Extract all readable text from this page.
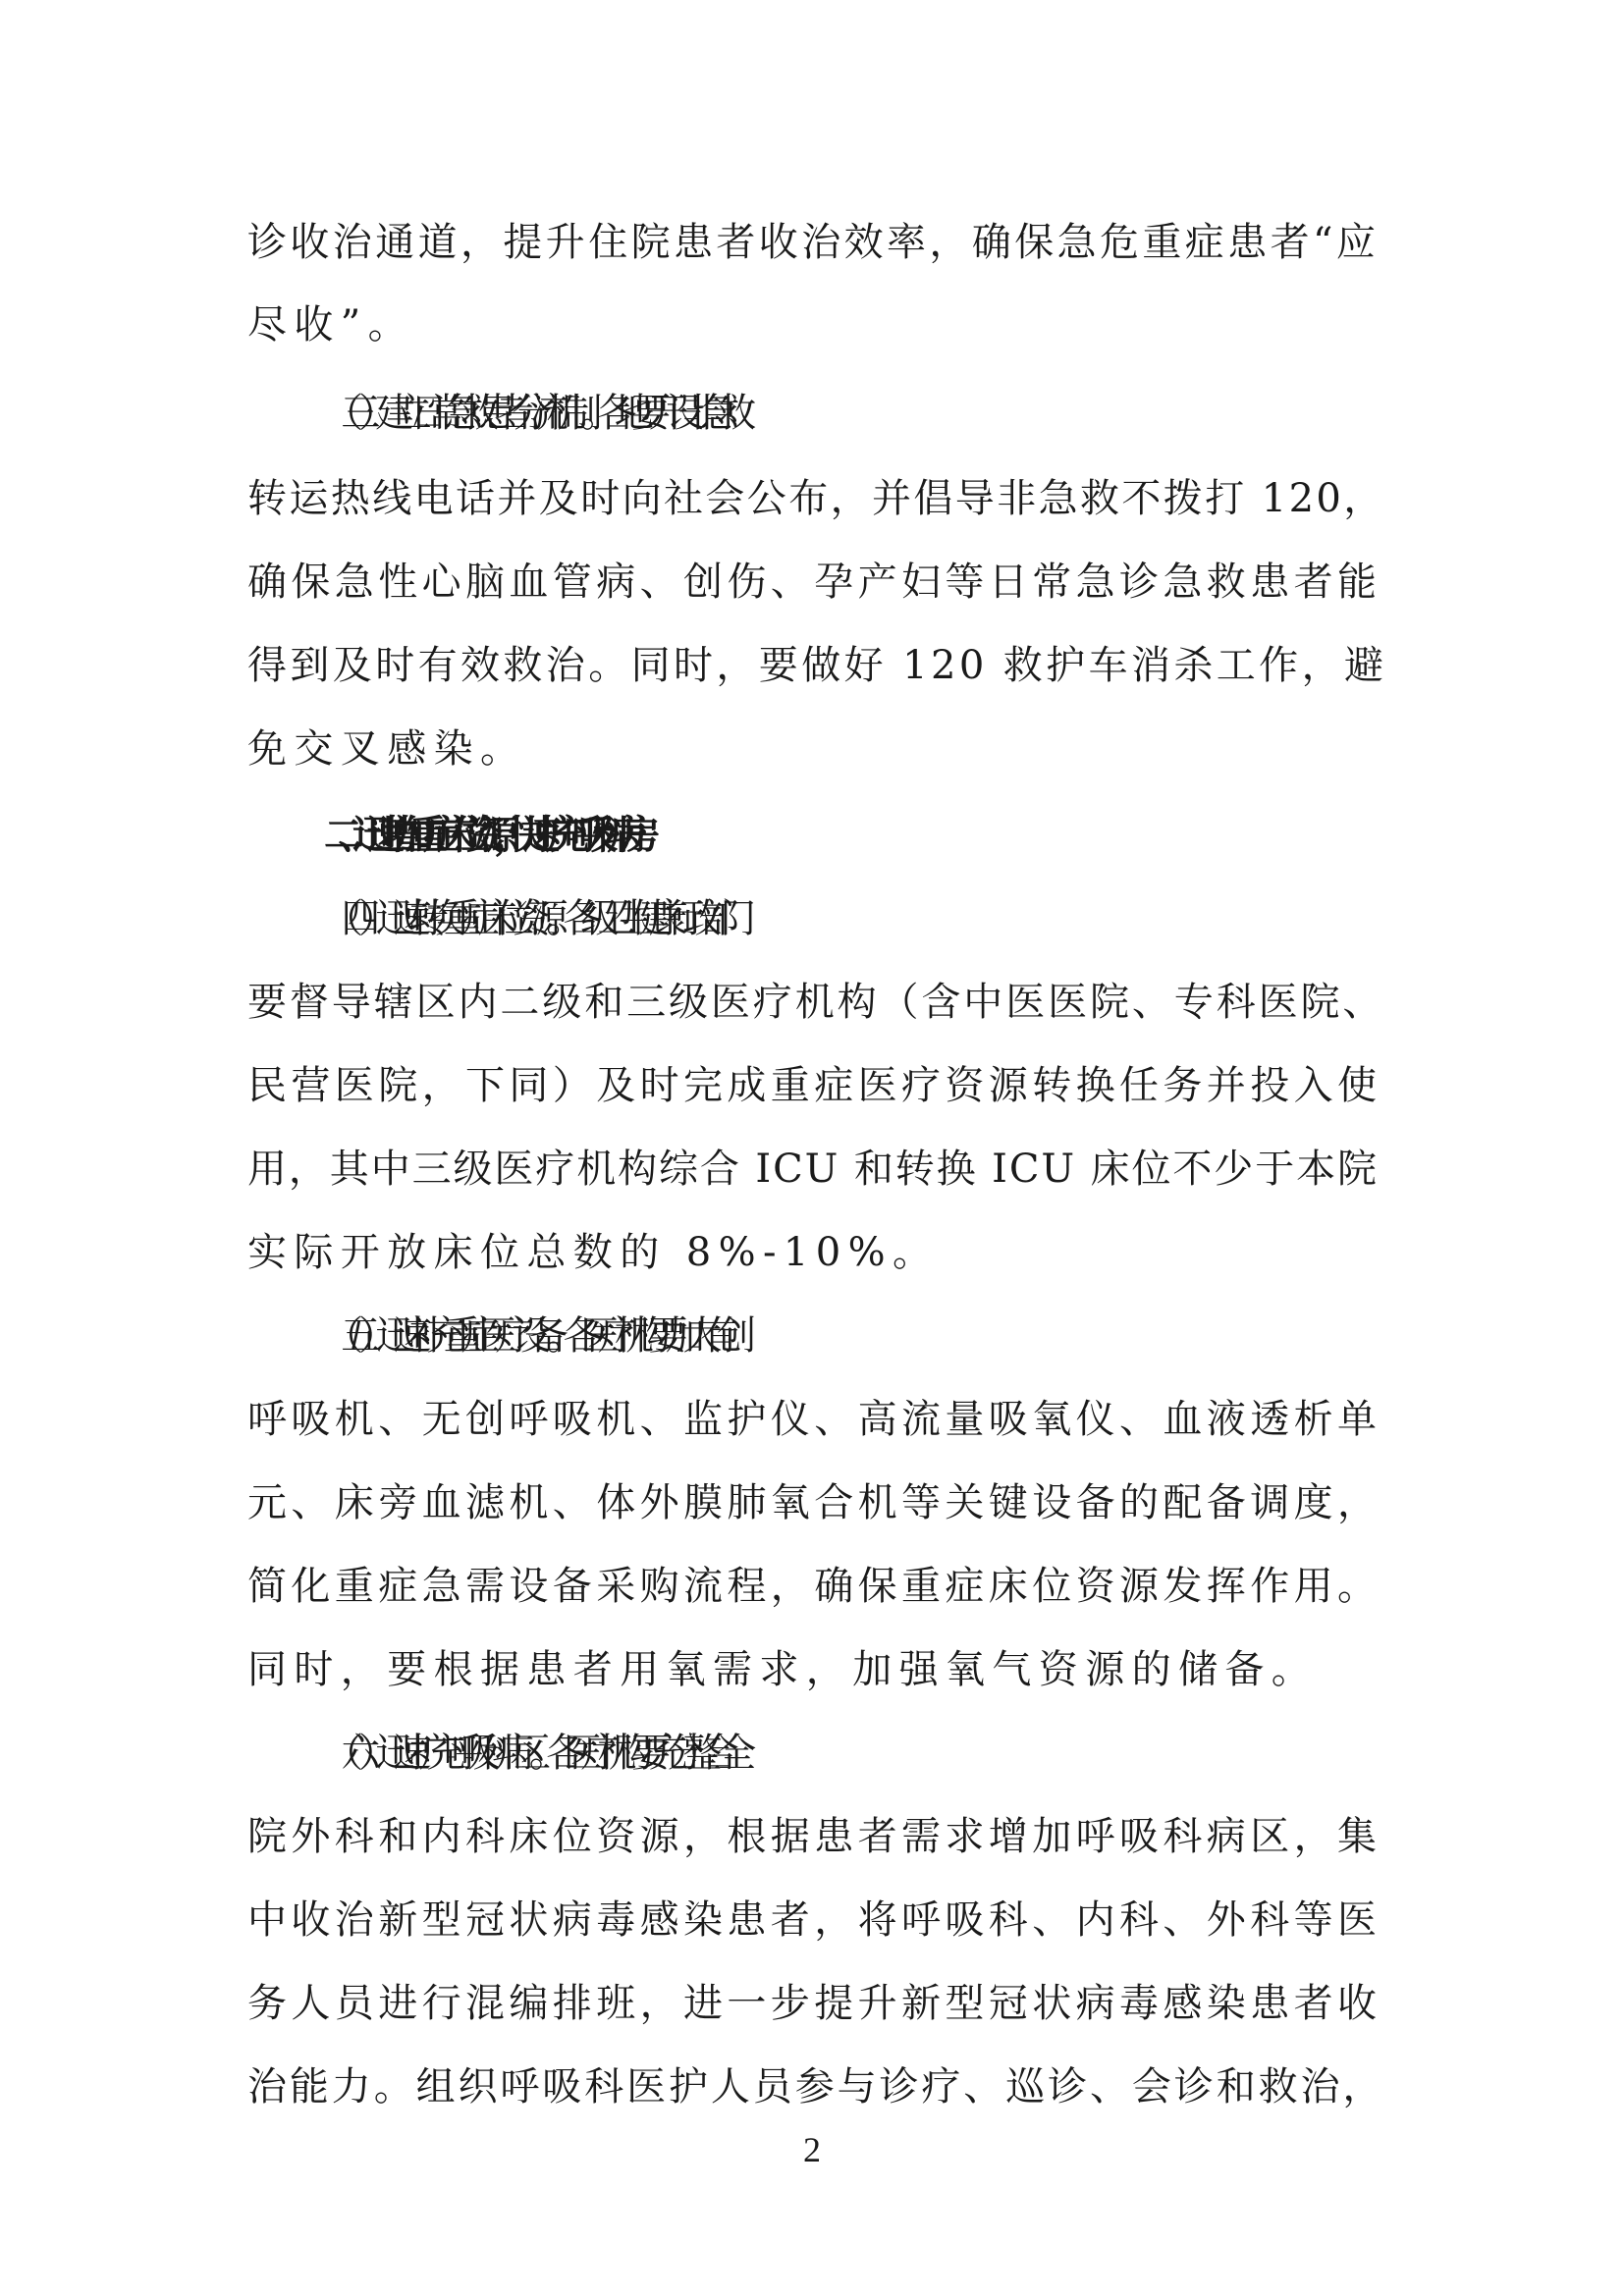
诊收治通道，提升住院患者收治效率，确保急危重症患者“应
尽收”。
（三）建立日常急救患者分流机制。各地要开设非急救
转运热线电话并及时向社会公布，并倡导非急救不拨打 120，
确保急性心脑血管病、创伤、孕产妇等日常急诊急救患者能
得到及时有效救治。同时，要做好 120 救护车消杀工作，避
免交叉感染。
二、迅速增加重症床位资源，快速扩充呼吸科病房
（四）迅速转换重症床位资源。各级卫生健康行政部门
要督导辖区内二级和三级医疗机构（含中医医院、专科医院、
民营医院，下同）及时完成重症医疗资源转换任务并投入使
用，其中三级医疗机构综合 ICU 和转换 ICU 床位不少于本院
实际开放床位总数的 8%-10%。
（五）迅速补充重症医疗设备。各医疗机构要加大有创
呼吸机、无创呼吸机、监护仪、高流量吸氧仪、血液透析单
元、床旁血滤机、体外膜肺氧合机等关键设备的配备调度，
简化重症急需设备采购流程，确保重症床位资源发挥作用。
同时，要根据患者用氧需求，加强氧气资源的储备。
（六）迅速扩充呼吸科病区。各医疗机构要充分整合全
院外科和内科床位资源，根据患者需求增加呼吸科病区，集
中收治新型冠状病毒感染患者，将呼吸科、内科、外科等医
务人员进行混编排班，进一步提升新型冠状病毒感染患者收
治能力。组织呼吸科医护人员参与诊疗、巡诊、会诊和救治，
2
